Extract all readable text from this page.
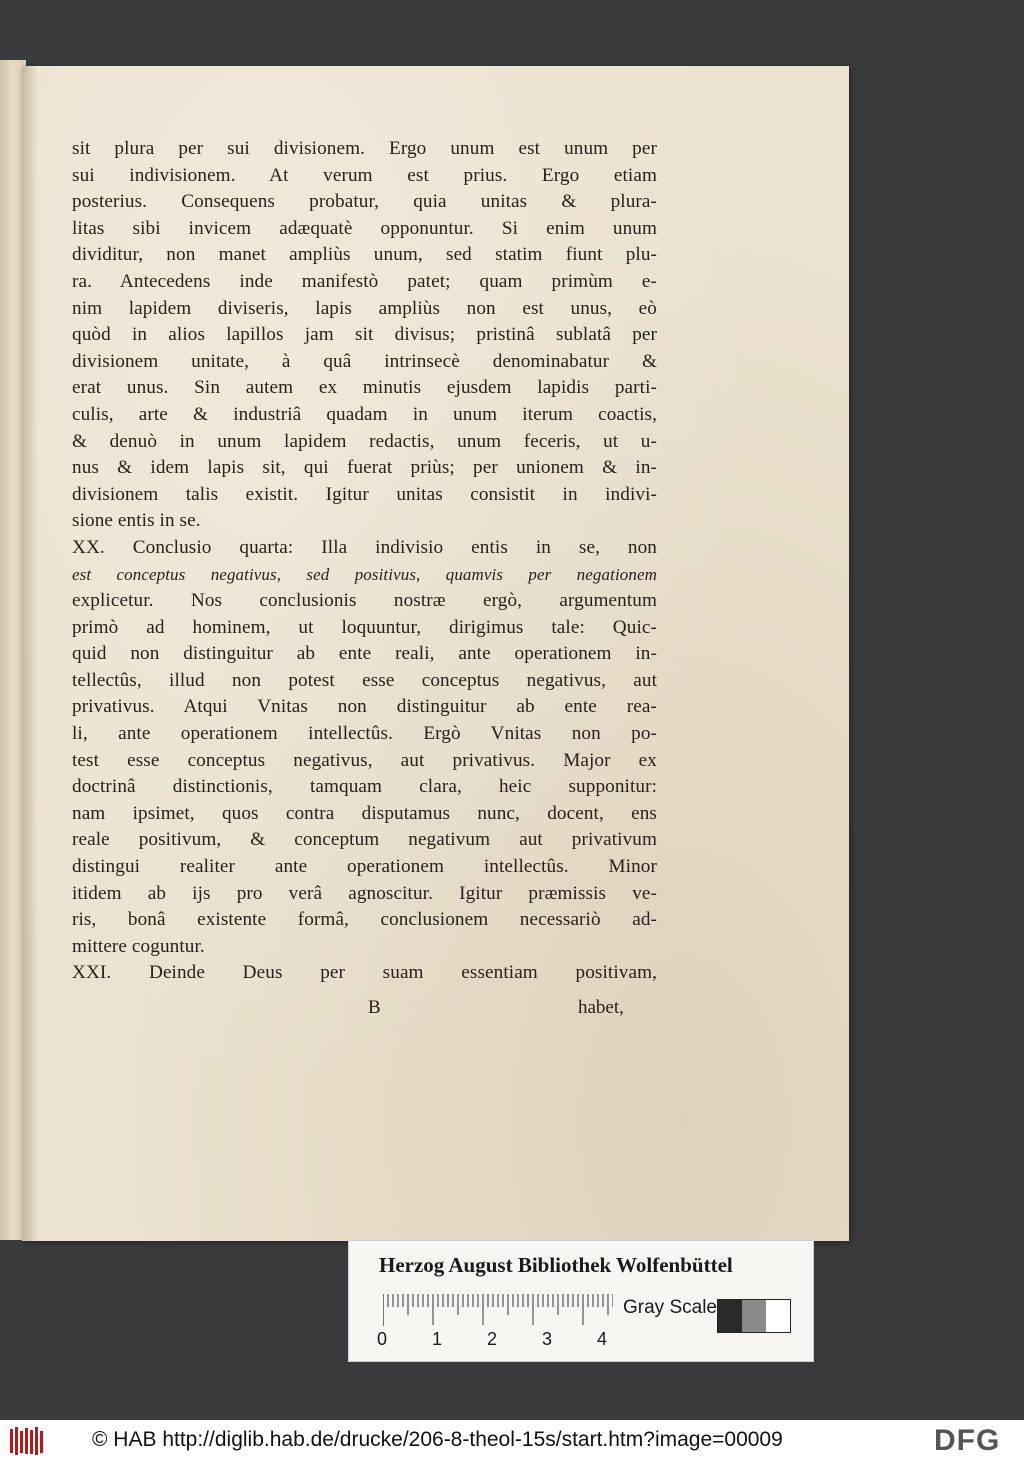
sit plura per sui divisionem. Ergo unum est unum per
sui indivisionem. At verum est prius. Ergo etiam
posterius. Consequens probatur, quia unitas & plura-
litas sibi invicem adæquatè opponuntur. Si enim unum
dividitur, non manet ampliùs unum, sed statim fiunt plu-
ra. Antecedens inde manifestò patet; quam primùm e-
nim lapidem diviseris, lapis ampliùs non est unus, eò
quòd in alios lapillos jam sit divisus; pristinâ sublatâ per
divisionem unitate, à quâ intrinsecè denominabatur &
erat unus. Sin autem ex minutis ejusdem lapidis parti-
culis, arte & industriâ quadam in unum iterum coactis,
& denuò in unum lapidem redactis, unum feceris, ut u-
nus & idem lapis sit, qui fuerat priùs; per unionem & in-
divisionem talis existit. Igitur unitas consistit in indivi-
sione entis in se.
XX. Conclusio quarta: Illa indivisio entis in se, non
est conceptus negativus, sed positivus, quamvis per negationem
explicetur. Nos conclusionis nostræ ergò, argumentum
primò ad hominem, ut loquuntur, dirigimus tale: Quic-
quid non distinguitur ab ente reali, ante operationem in-
tellectûs, illud non potest esse conceptus negativus, aut
privativus. Atqui Vnitas non distinguitur ab ente rea-
li, ante operationem intellectûs. Ergò Vnitas non po-
test esse conceptus negativus, aut privativus. Major ex
doctrinâ distinctionis, tamquam clara, heic supponitur:
nam ipsimet, quos contra disputamus nunc, docent, ens
reale positivum, & conceptum negativum aut privativum
distingui realiter ante operationem intellectûs. Minor
itidem ab ijs pro verâ agnoscitur. Igitur præmissis ve-
ris, bonâ existente formâ, conclusionem necessariò ad-
mittere coguntur.
XXI. Deinde Deus per suam essentiam positivam,
B	habet,
Herzog August Bibliothek Wolfenbüttel
0 1 2 3 4
Gray Scale
© HAB http://diglib.hab.de/drucke/206-8-theol-15s/start.htm?image=00009	DFG
